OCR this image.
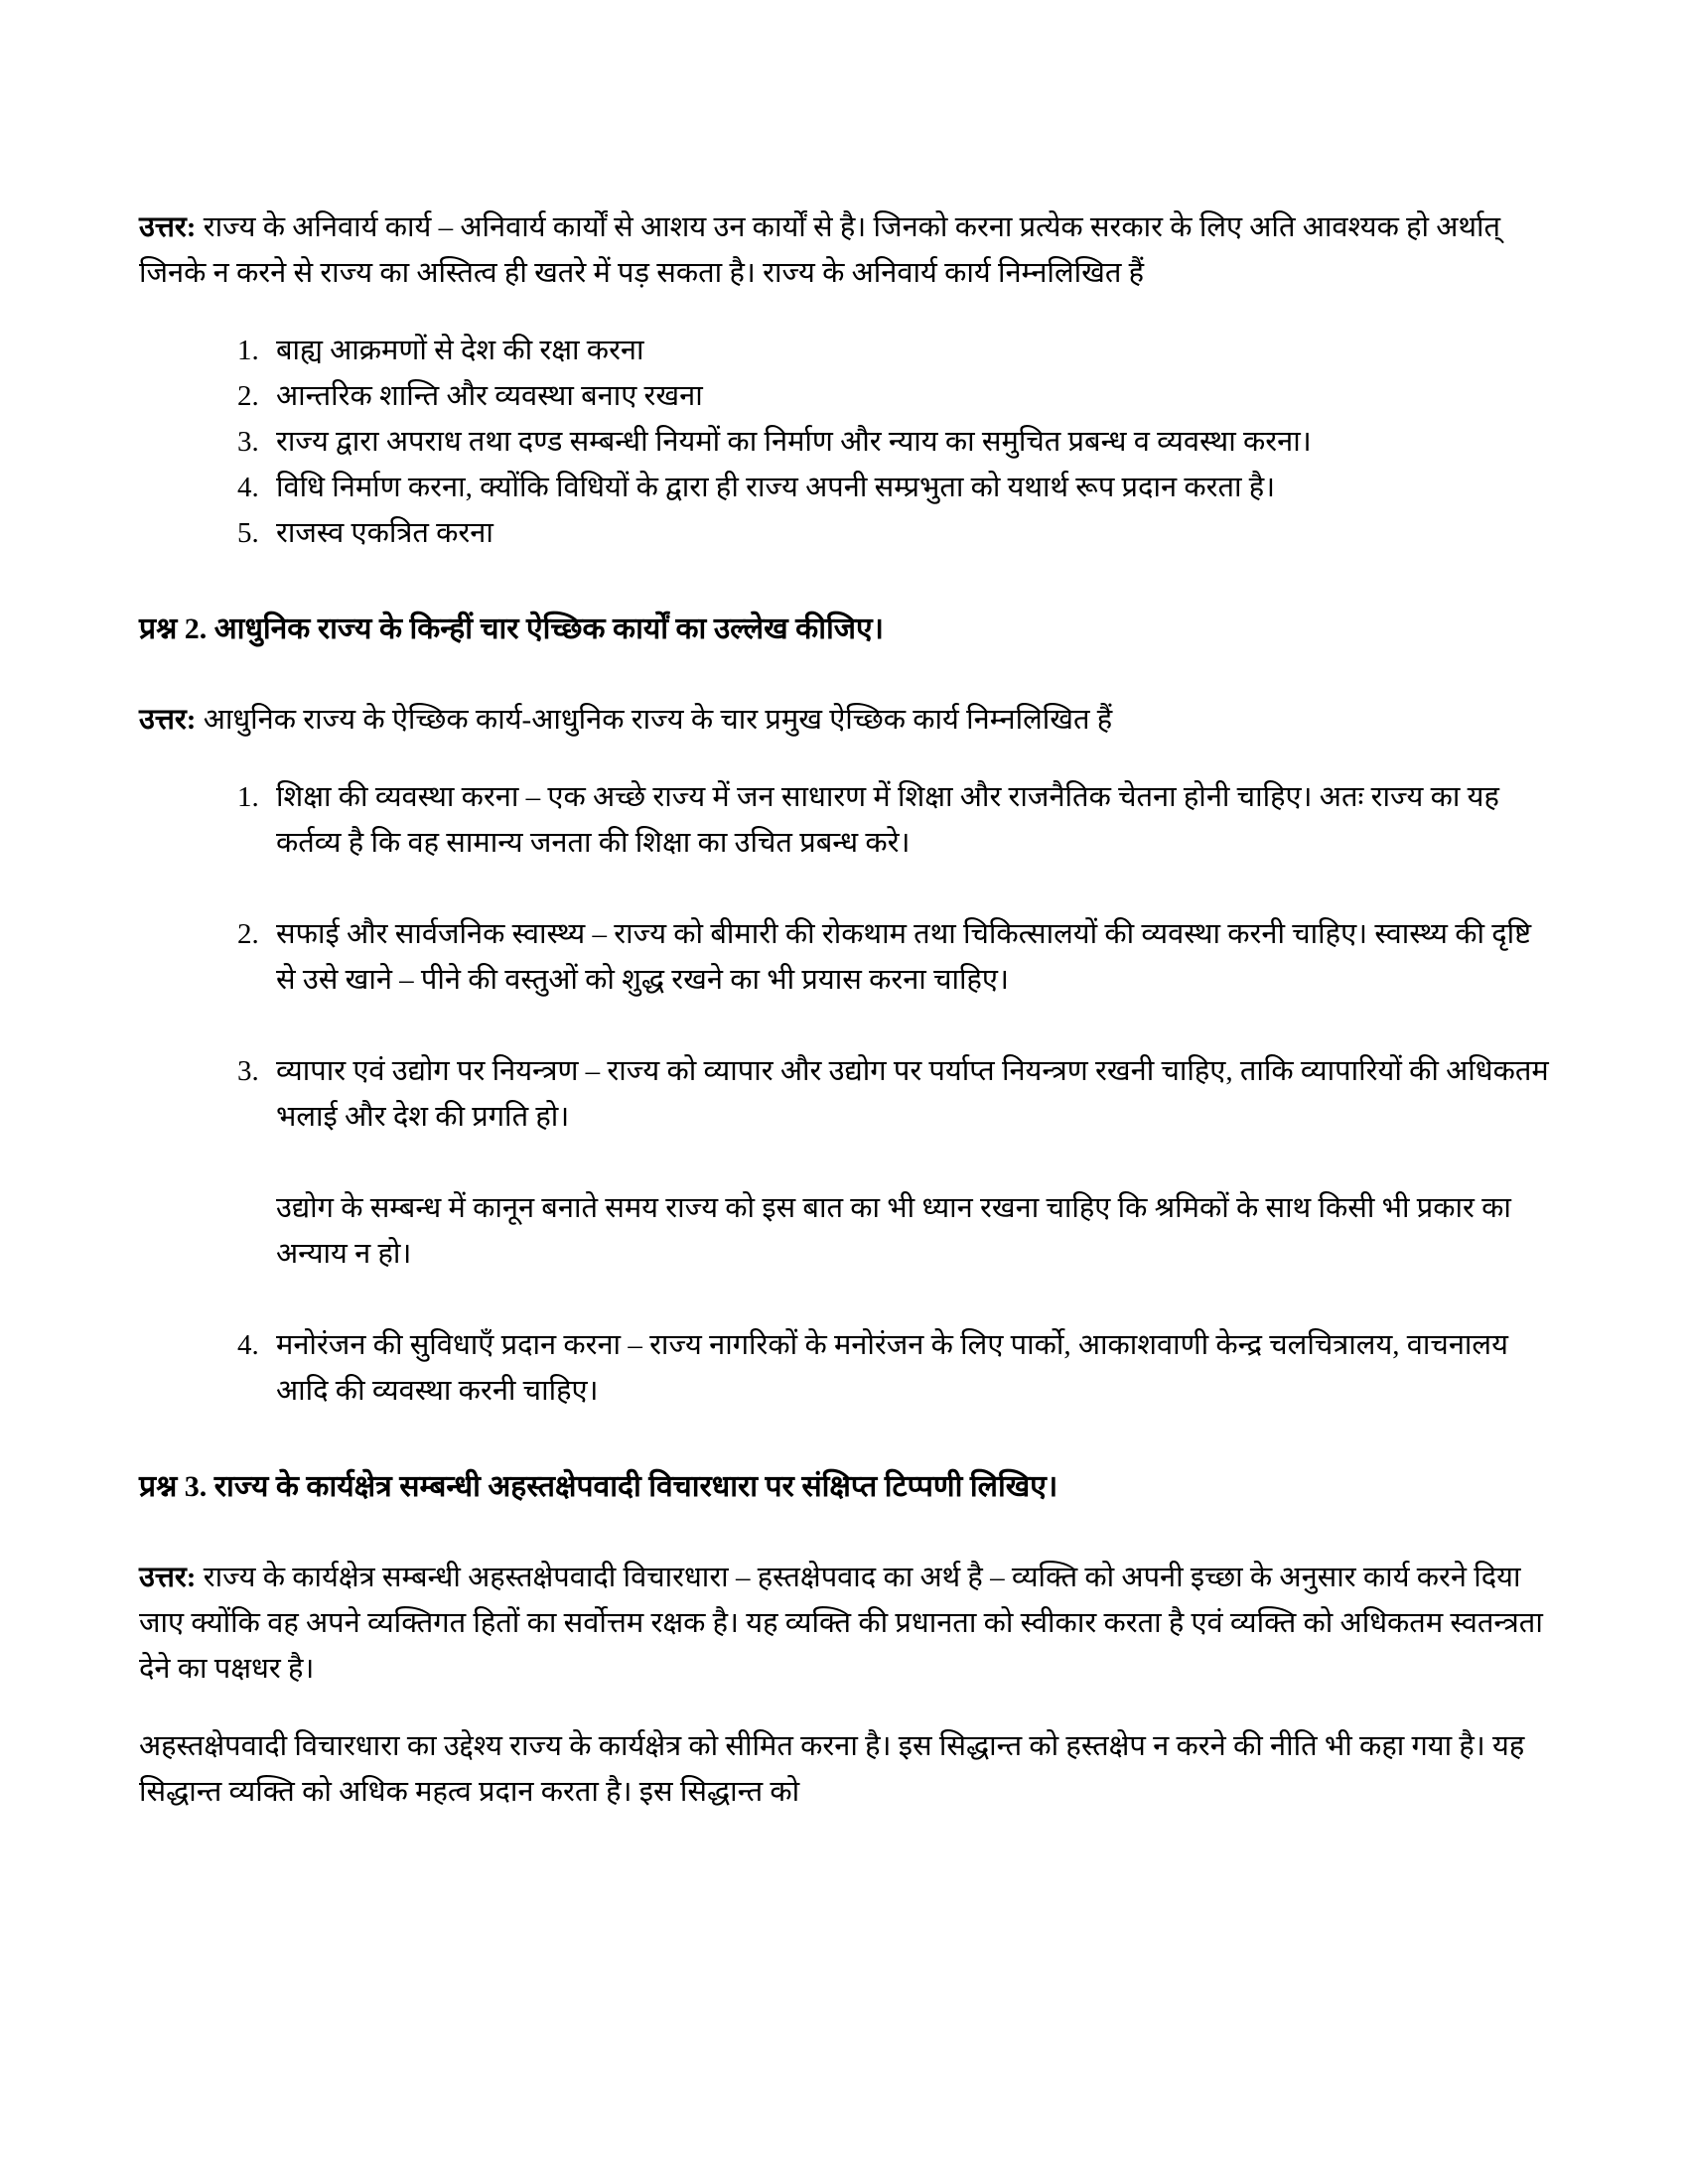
उत्तर: राज्य के अनिवार्य कार्य – अनिवार्य कार्यों से आशय उन कार्यों से है। जिनको करना प्रत्येक सरकार के लिए अति आवश्यक हो अर्थात् जिनके न करने से राज्य का अस्तित्व ही खतरे में पड़ सकता है। राज्य के अनिवार्य कार्य निम्नलिखित हैं

1. बाह्य आक्रमणों से देश की रक्षा करना
2. आन्तरिक शान्ति और व्यवस्था बनाए रखना
3. राज्य द्वारा अपराध तथा दण्ड सम्बन्धी नियमों का निर्माण और न्याय का समुचित प्रबन्ध व व्यवस्था करना।
4. विधि निर्माण करना, क्योंकि विधियों के द्वारा ही राज्य अपनी सम्प्रभुता को यथार्थ रूप प्रदान करता है।
5. राजस्व एकत्रित करना
प्रश्न 2. आधुनिक राज्य के किन्हीं चार ऐच्छिक कार्यों का उल्लेख कीजिए।

उत्तर: आधुनिक राज्य के ऐच्छिक कार्य-आधुनिक राज्य के चार प्रमुख ऐच्छिक कार्य निम्नलिखित हैं

1. शिक्षा की व्यवस्था करना – एक अच्छे राज्य में जन साधारण में शिक्षा और राजनैतिक चेतना होनी चाहिए। अतः राज्य का यह कर्तव्य है कि वह सामान्य जनता की शिक्षा का उचित प्रबन्ध करे।
2. सफाई और सार्वजनिक स्वास्थ्य – राज्य को बीमारी की रोकथाम तथा चिकित्सालयों की व्यवस्था करनी चाहिए। स्वास्थ्य की दृष्टि से उसे खाने – पीने की वस्तुओं को शुद्ध रखने का भी प्रयास करना चाहिए।
3. व्यापार एवं उद्योग पर नियन्त्रण – राज्य को व्यापार और उद्योग पर पर्याप्त नियन्त्रण रखनी चाहिए, ताकि व्यापारियों की अधिकतम भलाई और देश की प्रगति हो।
उद्योग के सम्बन्ध में कानून बनाते समय राज्य को इस बात का भी ध्यान रखना चाहिए कि श्रमिकों के साथ किसी भी प्रकार का अन्याय न हो।
4. मनोरंजन की सुविधाएँ प्रदान करना – राज्य नागरिकों के मनोरंजन के लिए पार्को, आकाशवाणी केन्द्र चलचित्रालय, वाचनालय आदि की व्यवस्था करनी चाहिए।
प्रश्न 3. राज्य के कार्यक्षेत्र सम्बन्धी अहस्तक्षेपवादी विचारधारा पर संक्षिप्त टिप्पणी लिखिए।

उत्तर: राज्य के कार्यक्षेत्र सम्बन्धी अहस्तक्षेपवादी विचारधारा – हस्तक्षेपवाद का अर्थ है – व्यक्ति को अपनी इच्छा के अनुसार कार्य करने दिया जाए क्योंकि वह अपने व्यक्तिगत हितों का सर्वोत्तम रक्षक है। यह व्यक्ति की प्रधानता को स्वीकार करता है एवं व्यक्ति को अधिकतम स्वतन्त्रता देने का पक्षधर है।

अहस्तक्षेपवादी विचारधारा का उद्देश्य राज्य के कार्यक्षेत्र को सीमित करना है। इस सिद्धान्त को हस्तक्षेप न करने की नीति भी कहा गया है। यह सिद्धान्त व्यक्ति को अधिक महत्व प्रदान करता है। इस सिद्धान्त को
